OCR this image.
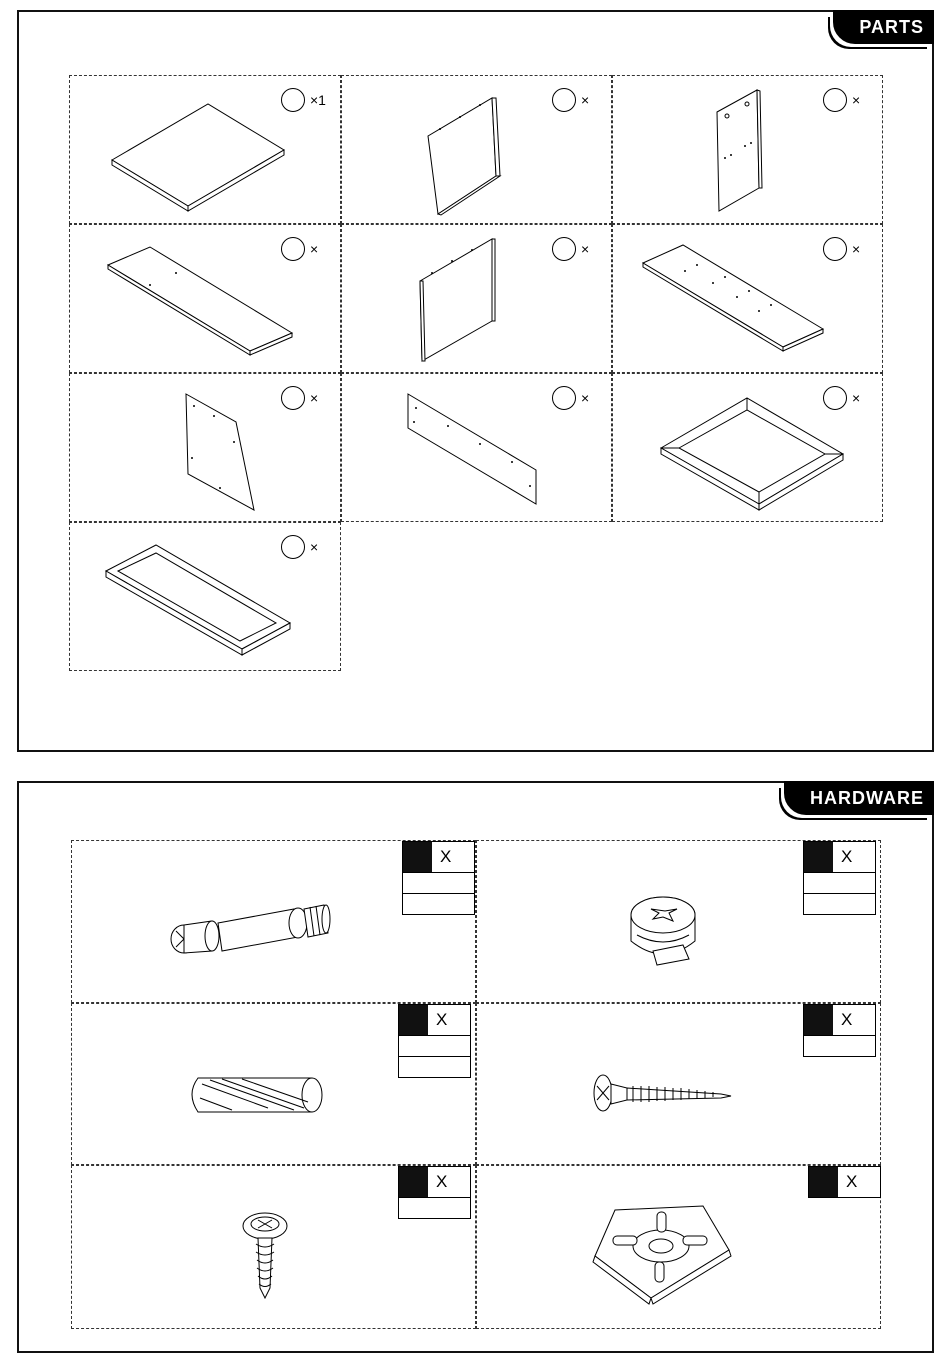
PARTS
×1	×	×
×	×	×
×	×	×
×
HARDWARE
X	X
X	X
X	X
